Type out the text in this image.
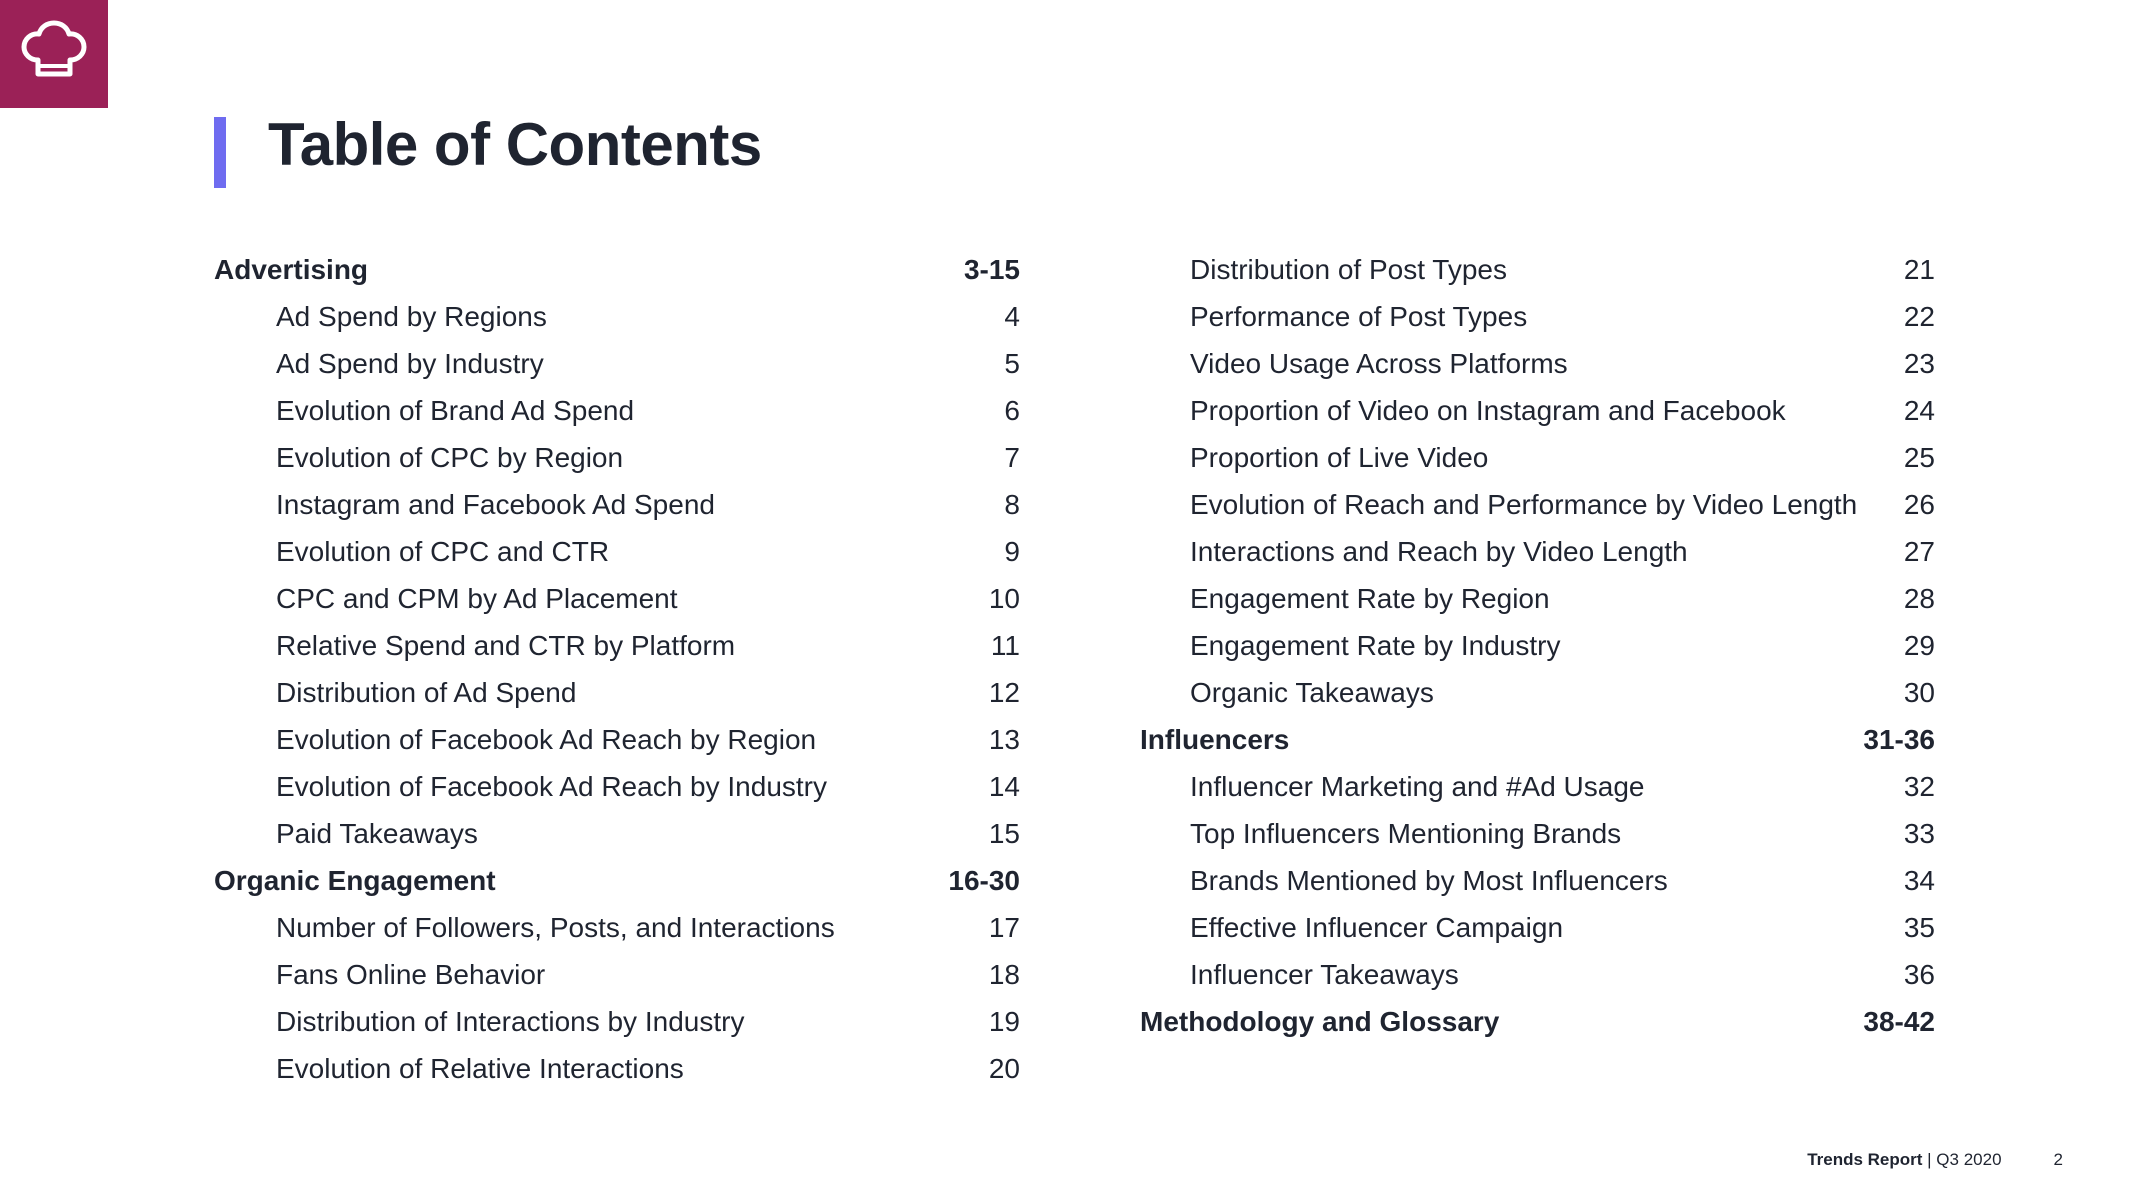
Table of Contents
Advertising	3-15
Ad Spend by Regions	4
Ad Spend by Industry	5
Evolution of Brand Ad Spend	6
Evolution of CPC by Region	7
Instagram and Facebook Ad Spend	8
Evolution of CPC and CTR	9
CPC and CPM by Ad Placement	10
Relative Spend and CTR by Platform	11
Distribution of Ad Spend	12
Evolution of Facebook Ad Reach by Region	13
Evolution of Facebook Ad Reach by Industry	14
Paid Takeaways	15
Organic Engagement	16-30
Number of Followers, Posts, and Interactions	17
Fans Online Behavior	18
Distribution of Interactions by Industry	19
Evolution of Relative Interactions	20
Distribution of Post Types	21
Performance of Post Types	22
Video Usage Across Platforms	23
Proportion of Video on Instagram and Facebook	24
Proportion of Live Video	25
Evolution of Reach and Performance by Video Length 26
Interactions and Reach by Video Length	27
Engagement Rate by Region	28
Engagement Rate by Industry	29
Organic Takeaways	30
Influencers	31-36
Influencer Marketing and #Ad Usage	32
Top Influencers Mentioning Brands	33
Brands Mentioned by Most Influencers	34
Effective Influencer Campaign	35
Influencer Takeaways	36
Methodology and Glossary	38-42
Trends Report | Q3 2020	2
